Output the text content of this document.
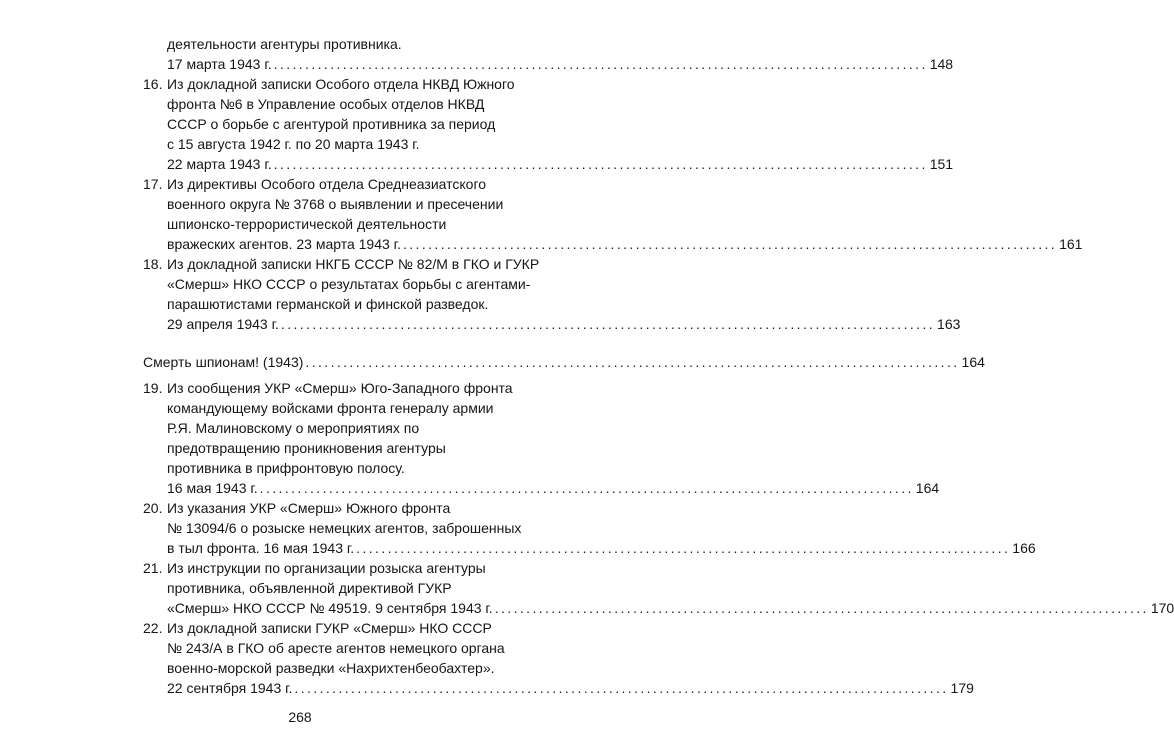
деятельности агентуры противника.
17 марта 1943 г. ........................................................................................................ 148
16. Из докладной записки Особого отдела НКВД Южного
фронта №6 в Управление особых отделов НКВД
СССР о борьбе с агентурой противника за период
с 15 августа 1942 г. по 20 марта 1943 г.
22 марта 1943 г. ........................................................................................................ 151
17. Из директивы Особого отдела Среднеазиатского
военного округа № 3768 о выявлении и пресечении
шпионско-террористической деятельности
вражеских агентов. 23 марта 1943 г. ........................................................................................................ 161
18. Из докладной записки НКГБ СССР № 82/М в ГКО и ГУКР
«Смерш» НКО СССР о результатах борьбы с агентами-
парашютистами германской и финской разведок.
29 апреля 1943 г. ........................................................................................................ 163
Смерть шпионам! (1943) ........................................................................................................ 164
19. Из сообщения УКР «Смерш» Юго-Западного фронта
командующему войсками фронта генералу армии
Р.Я. Малиновскому о мероприятиях по
предотвращению проникновения агентуры
противника в прифронтовую полосу.
16 мая 1943 г. ........................................................................................................ 164
20. Из указания УКР «Смерш» Южного фронта
№ 13094/6 о розыске немецких агентов, заброшенных
в тыл фронта. 16 мая 1943 г. ........................................................................................................ 166
21. Из инструкции по организации розыска агентуры
противника, объявленной директивой ГУКР
«Смерш» НКО СССР № 49519. 9 сентября 1943 г. ........................................................................................................ 170
22. Из докладной записки ГУКР «Смерш» НКО СССР
№ 243/А в ГКО об аресте агентов немецкого органа
военно-морской разведки «Нахрихтенбеобахтер».
22 сентября 1943 г. ........................................................................................................ 179
268
